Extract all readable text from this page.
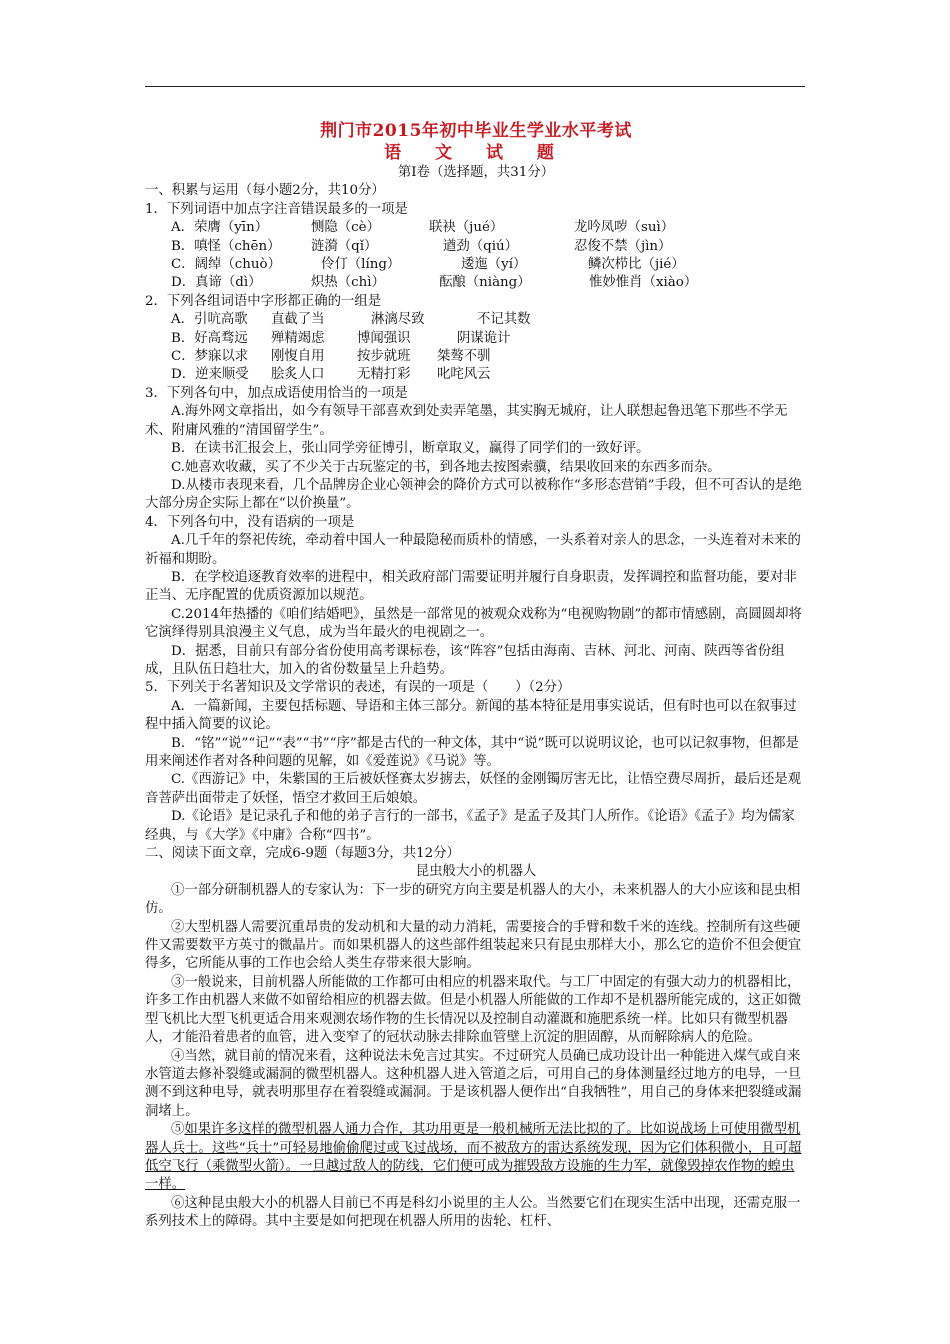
荆门市2015年初中毕业生学业水平考试

语 文 试 题

第Ⅰ卷（选择题，共31分）

一、积累与运用（每小题2分，共10分）

1．下列词语中加点字注音错误最多的一项是

A．荣膺（yīn）	恻隐（cè）	联袂（jué）	龙吟凤哕（suì）
B．嗔怪（chēn）	涟漪（qǐ）	遒劲（qiú）	忍俊不禁（jìn）
C．阔绰（chuò）	伶仃（líng）	逶迤（yí）	鳞次栉比（jié）
D．真谛（dì）	炽热（chì）	酝酿（niàng）	惟妙惟肖（xiào）

2．下列各组词语中字形都正确的一组是

A．引吭高歌	直截了当	淋漓尽致	不记其数
B．好高骛远	殚精竭虑	博闻强识	阴谋诡计
C．梦寐以求	刚愎自用	按步就班	桀骜不驯
D．逆来顺受	脍炙人口	无精打彩	叱咤风云

3．下列各句中，加点成语使用恰当的一项是

A.海外网文章指出，如今有领导干部喜欢到处卖弄笔墨，其实胸无城府，让人联想起鲁迅笔下那些不学无术、附庸风雅的“清国留学生”。

B．在读书汇报会上，张山同学旁征博引，断章取义，赢得了同学们的一致好评。

C.她喜欢收藏，买了不少关于古玩鉴定的书，到各地去按图索骥，结果收回来的东西多而杂。

D.从楼市表现来看，几个品牌房企业心领神会的降价方式可以被称作“多形态营销”手段，但不可否认的是绝大部分房企实际上都在“以价换量”。

4．下列各句中，没有语病的一项是

A.几千年的祭祀传统，牵动着中国人一种最隐秘而质朴的情感，一头系着对亲人的思念，一头连着对未来的祈福和期盼。

B．在学校追逐教育效率的进程中，相关政府部门需要证明并履行自身职责，发挥调控和监督功能，要对非正当、无序配置的优质资源加以规范。

C.2014年热播的《咱们结婚吧》，虽然是一部常见的被观众戏称为“电视购物剧”的都市情感剧，高圆圆却将它演绎得别具浪漫主义气息，成为当年最火的电视剧之一。

D．据悉，目前只有部分省份使用高考课标卷，该“阵容”包括由海南、吉林、河北、河南、陕西等省份组成，且队伍日趋壮大，加入的省份数量呈上升趋势。

5．下列关于名著知识及文学常识的表述，有误的一项是（　　）（2分）

A．一篇新闻，主要包括标题、导语和主体三部分。新闻的基本特征是用事实说话，但有时也可以在叙事过程中插入简要的议论。

B．“铭”“说”“记”“表”“书”“序”都是古代的一种文体，其中“说”既可以说明议论，也可以记叙事物，但都是用来阐述作者对各种问题的见解，如《爱莲说》《马说》等。

C.《西游记》中，朱紫国的王后被妖怪赛太岁掳去，妖怪的金刚镯厉害无比，让悟空费尽周折，最后还是观音菩萨出面带走了妖怪，悟空才救回王后娘娘。

D.《论语》是记录孔子和他的弟子言行的一部书，《孟子》是孟子及其门人所作。《论语》《孟子》均为儒家经典，与《大学》《中庸》合称“四书”。

二、阅读下面文章，完成6-9题（每题3分，共12分）

昆虫般大小的机器人

①一部分研制机器人的专家认为：下一步的研究方向主要是机器人的大小，未来机器人的大小应该和昆虫相仿。

②大型机器人需要沉重昂贵的发动机和大量的动力消耗，需要接合的手臂和数千米的连线。控制所有这些硬件又需要数平方英寸的微晶片。而如果机器人的这些部件组装起来只有昆虫那样大小，那么它的造价不但会便宜得多，它所能从事的工作也会给人类生存带来很大影响。

③一般说来，目前机器人所能做的工作都可由相应的机器来取代。与工厂中固定的有强大动力的机器相比，许多工作由机器人来做不如留给相应的机器去做。但是小机器人所能做的工作却不是机器所能完成的，这正如微型飞机比大型飞机更适合用来观测农场作物的生长情况以及控制自动灌溉和施肥系统一样。比如只有微型机器人，才能沿着患者的血管，进入变窄了的冠状动脉去排除血管壁上沉淀的胆固醇，从而解除病人的危险。

④当然，就目前的情况来看，这种说法未免言过其实。不过研究人员确已成功设计出一种能进入煤气或自来水管道去修补裂缝或漏洞的微型机器人。这种机器人进入管道之后，可用自己的身体测量经过地方的电导，一旦测不到这种电导，就表明那里存在着裂缝或漏洞。于是该机器人便作出“自我牺牲”，用自己的身体来把裂缝或漏洞堵上。

⑤如果许多这样的微型机器人通力合作，其功用更是一般机械所无法比拟的了。比如说战场上可使用微型机器人兵士。这些“兵士”可轻易地偷偷爬过或飞过战场，而不被敌方的雷达系统发现，因为它们体积微小，且可超低空飞行（乘微型火箭）。一旦越过敌人的防线，它们便可成为摧毁敌方设施的生力军，就像毁掉农作物的蝗虫一样。

⑥这种昆虫般大小的机器人目前已不再是科幻小说里的主人公。当然要它们在现实生活中出现，还需克服一系列技术上的障碍。其中主要是如何把现在机器人所用的齿轮、杠杆、
